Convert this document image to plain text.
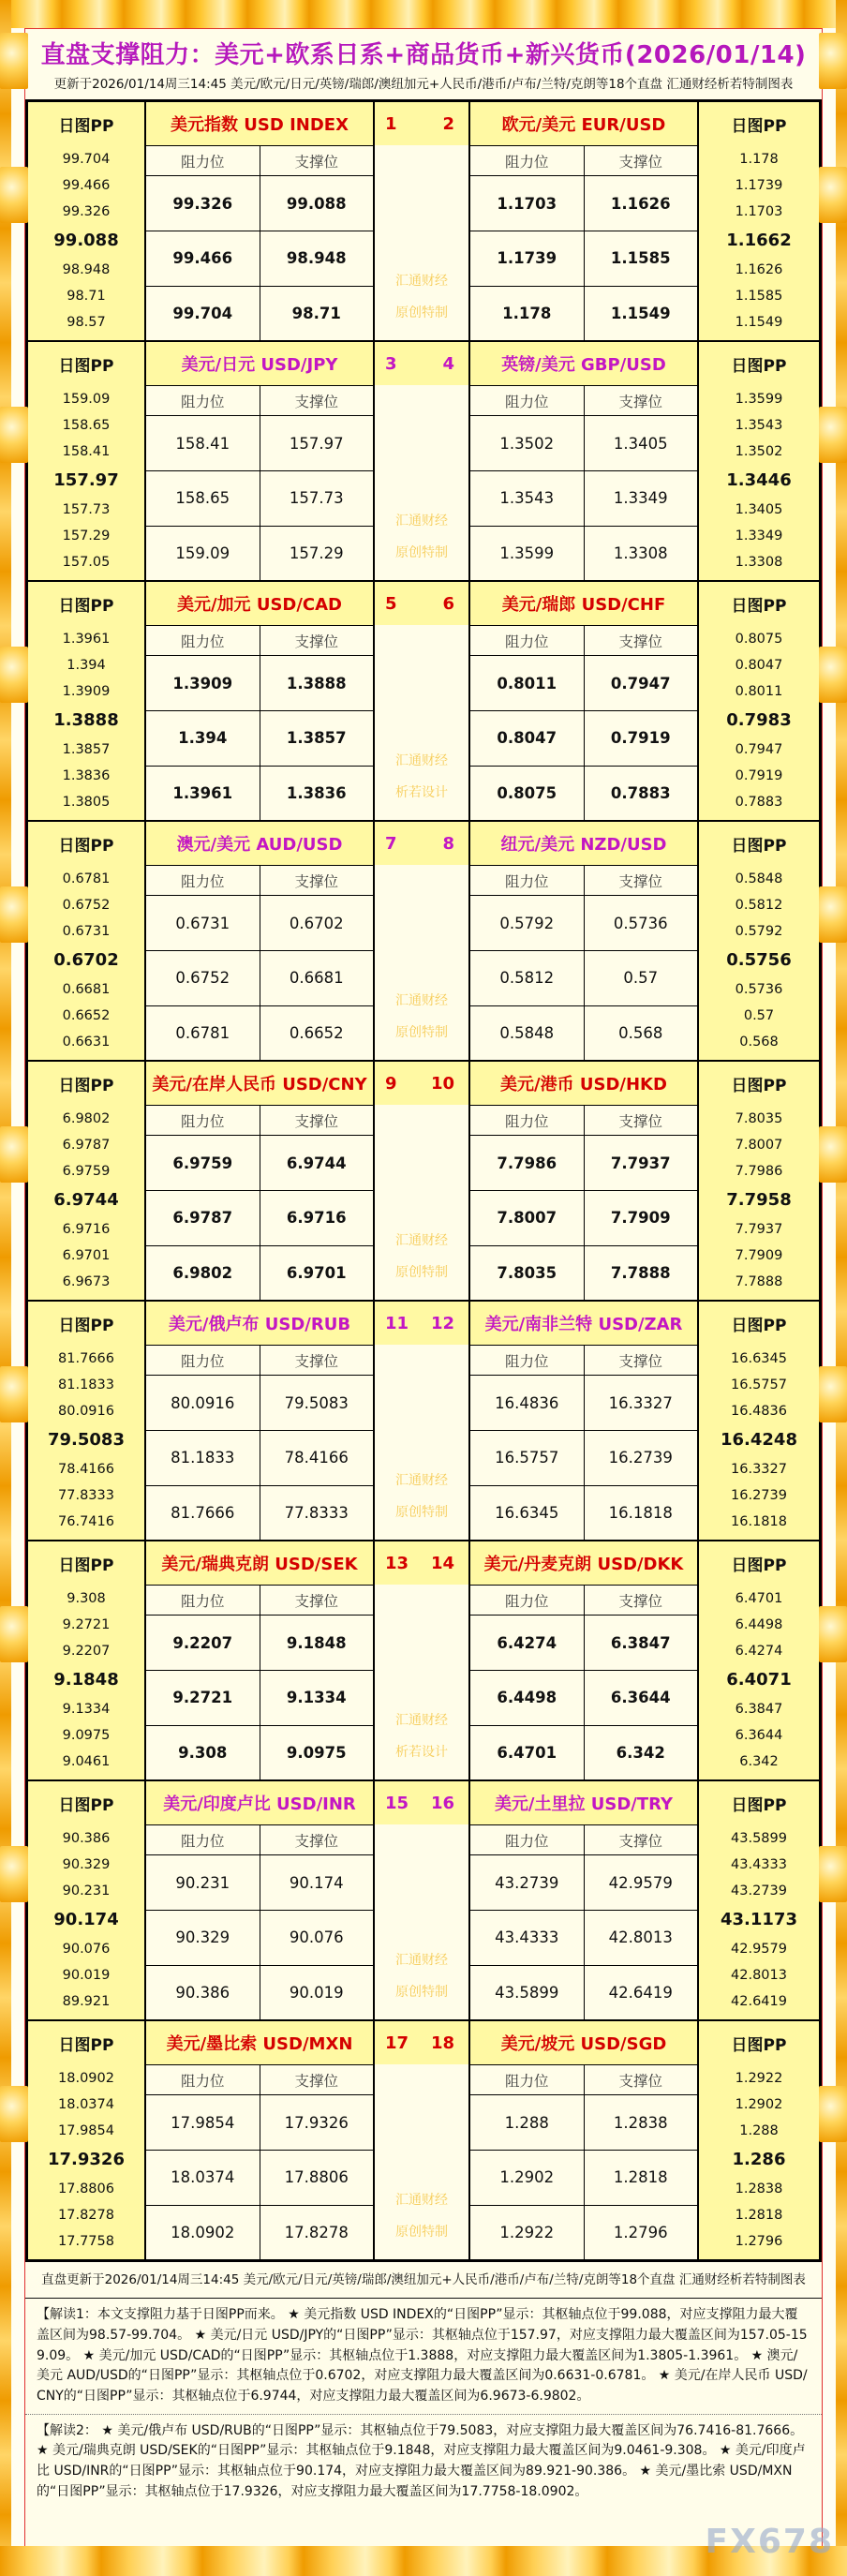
直盘支撑阻力：美元+欧系日系+商品货币+新兴货币(2026/01/14)
更新于2026/01/14周三14:45 美元/欧元/日元/英镑/瑞郎/澳纽加元+人民币/港币/卢布/兰特/克朗等18个直盘 汇通财经析若特制图表
日图PP
99.704
99.466
99.326
99.088
98.948
98.71
98.57
美元指数 USD INDEX
阻力位	支撑位
99.326	99.088
99.466	98.948
99.704	98.71
1	2
汇通财经
原创特制
欧元/美元 EUR/USD
阻力位	支撑位
1.1703	1.1626
1.1739	1.1585
1.178	1.1549
日图PP
1.178
1.1739
1.1703
1.1662
1.1626
1.1585
1.1549
日图PP
159.09
158.65
158.41
157.97
157.73
157.29
157.05
美元/日元 USD/JPY
阻力位	支撑位
158.41	157.97
158.65	157.73
159.09	157.29
3	4
汇通财经
原创特制
英镑/美元 GBP/USD
阻力位	支撑位
1.3502	1.3405
1.3543	1.3349
1.3599	1.3308
日图PP
1.3599
1.3543
1.3502
1.3446
1.3405
1.3349
1.3308
日图PP
1.3961
1.394
1.3909
1.3888
1.3857
1.3836
1.3805
美元/加元 USD/CAD
阻力位	支撑位
1.3909	1.3888
1.394	1.3857
1.3961	1.3836
5	6
汇通财经
析若设计
美元/瑞郎 USD/CHF
阻力位	支撑位
0.8011	0.7947
0.8047	0.7919
0.8075	0.7883
日图PP
0.8075
0.8047
0.8011
0.7983
0.7947
0.7919
0.7883
日图PP
0.6781
0.6752
0.6731
0.6702
0.6681
0.6652
0.6631
澳元/美元 AUD/USD
阻力位	支撑位
0.6731	0.6702
0.6752	0.6681
0.6781	0.6652
7	8
汇通财经
原创特制
纽元/美元 NZD/USD
阻力位	支撑位
0.5792	0.5736
0.5812	0.57
0.5848	0.568
日图PP
0.5848
0.5812
0.5792
0.5756
0.5736
0.57
0.568
日图PP
6.9802
6.9787
6.9759
6.9744
6.9716
6.9701
6.9673
美元/在岸人民币 USD/CNY
阻力位	支撑位
6.9759	6.9744
6.9787	6.9716
6.9802	6.9701
9 10
汇通财经
原创特制
美元/港币 USD/HKD
阻力位	支撑位
7.7986	7.7937
7.8007	7.7909
7.8035	7.7888
日图PP
7.8035
7.8007
7.7986
7.7958
7.7937
7.7909
7.7888
日图PP
81.7666
81.1833
80.0916
79.5083
78.4166
77.8333
76.7416
美元/俄卢布 USD/RUB
阻力位	支撑位
80.0916	79.5083
81.1833	78.4166
81.7666	77.8333
11 12
汇通财经
原创特制
美元/南非兰特 USD/ZAR
阻力位	支撑位
16.4836	16.3327
16.5757	16.2739
16.6345	16.1818
日图PP
16.6345
16.5757
16.4836
16.4248
16.3327
16.2739
16.1818
日图PP
9.308
9.2721
9.2207
9.1848
9.1334
9.0975
9.0461
美元/瑞典克朗 USD/SEK
阻力位	支撑位
9.2207	9.1848
9.2721	9.1334
9.308	9.0975
13 14
汇通财经
析若设计
美元/丹麦克朗 USD/DKK
阻力位	支撑位
6.4274	6.3847
6.4498	6.3644
6.4701	6.342
日图PP
6.4701
6.4498
6.4274
6.4071
6.3847
6.3644
6.342
日图PP
90.386
90.329
90.231
90.174
90.076
90.019
89.921
美元/印度卢比 USD/INR
阻力位	支撑位
90.231	90.174
90.329	90.076
90.386	90.019
15 16
汇通财经
原创特制
美元/土里拉 USD/TRY
阻力位	支撑位
43.2739	42.9579
43.4333	42.8013
43.5899	42.6419
日图PP
43.5899
43.4333
43.2739
43.1173
42.9579
42.8013
42.6419
日图PP
18.0902
18.0374
17.9854
17.9326
17.8806
17.8278
17.7758
美元/墨比索 USD/MXN
阻力位	支撑位
17.9854	17.9326
18.0374	17.8806
18.0902	17.8278
17 18
汇通财经
原创特制
美元/坡元 USD/SGD
阻力位	支撑位
1.288	1.2838
1.2902	1.2818
1.2922	1.2796
日图PP
1.2922
1.2902
1.288
1.286
1.2838
1.2818
1.2796
直盘更新于2026/01/14周三14:45 美元/欧元/日元/英镑/瑞郎/澳纽加元+人民币/港币/卢布/兰特/克朗等18个直盘 汇通财经析若特制图表

【解读1：本文支撑阻力基于日图PP而来。 ★ 美元指数 USD INDEX的“日图PP”显示：其枢轴点位于99.088，对应支撑阻力最大覆盖区间为98.57-99.704。 ★ 美元/日元 USD/JPY的“日图PP”显示：其枢轴点位于157.97，对应支撑阻力最大覆盖区间为157.05-159.09。 ★ 美元/加元 USD/CAD的“日图PP”显示：其枢轴点位于1.3888，对应支撑阻力最大覆盖区间为1.3805-1.3961。 ★ 澳元/美元 AUD/USD的“日图PP”显示：其枢轴点位于0.6702，对应支撑阻力最大覆盖区间为0.6631-0.6781。 ★ 美元/在岸人民币 USD/CNY的“日图PP”显示：其枢轴点位于6.9744，对应支撑阻力最大覆盖区间为6.9673-6.9802。

【解读2： ★ 美元/俄卢布 USD/RUB的“日图PP”显示：其枢轴点位于79.5083，对应支撑阻力最大覆盖区间为76.7416-81.7666。 ★ 美元/瑞典克朗 USD/SEK的“日图PP”显示：其枢轴点位于9.1848，对应支撑阻力最大覆盖区间为9.0461-9.308。 ★ 美元/印度卢比 USD/INR的“日图PP”显示：其枢轴点位于90.174，对应支撑阻力最大覆盖区间为89.921-90.386。 ★ 美元/墨比索 USD/MXN的“日图PP”显示：其枢轴点位于17.9326，对应支撑阻力最大覆盖区间为17.7758-18.0902。

FX678
